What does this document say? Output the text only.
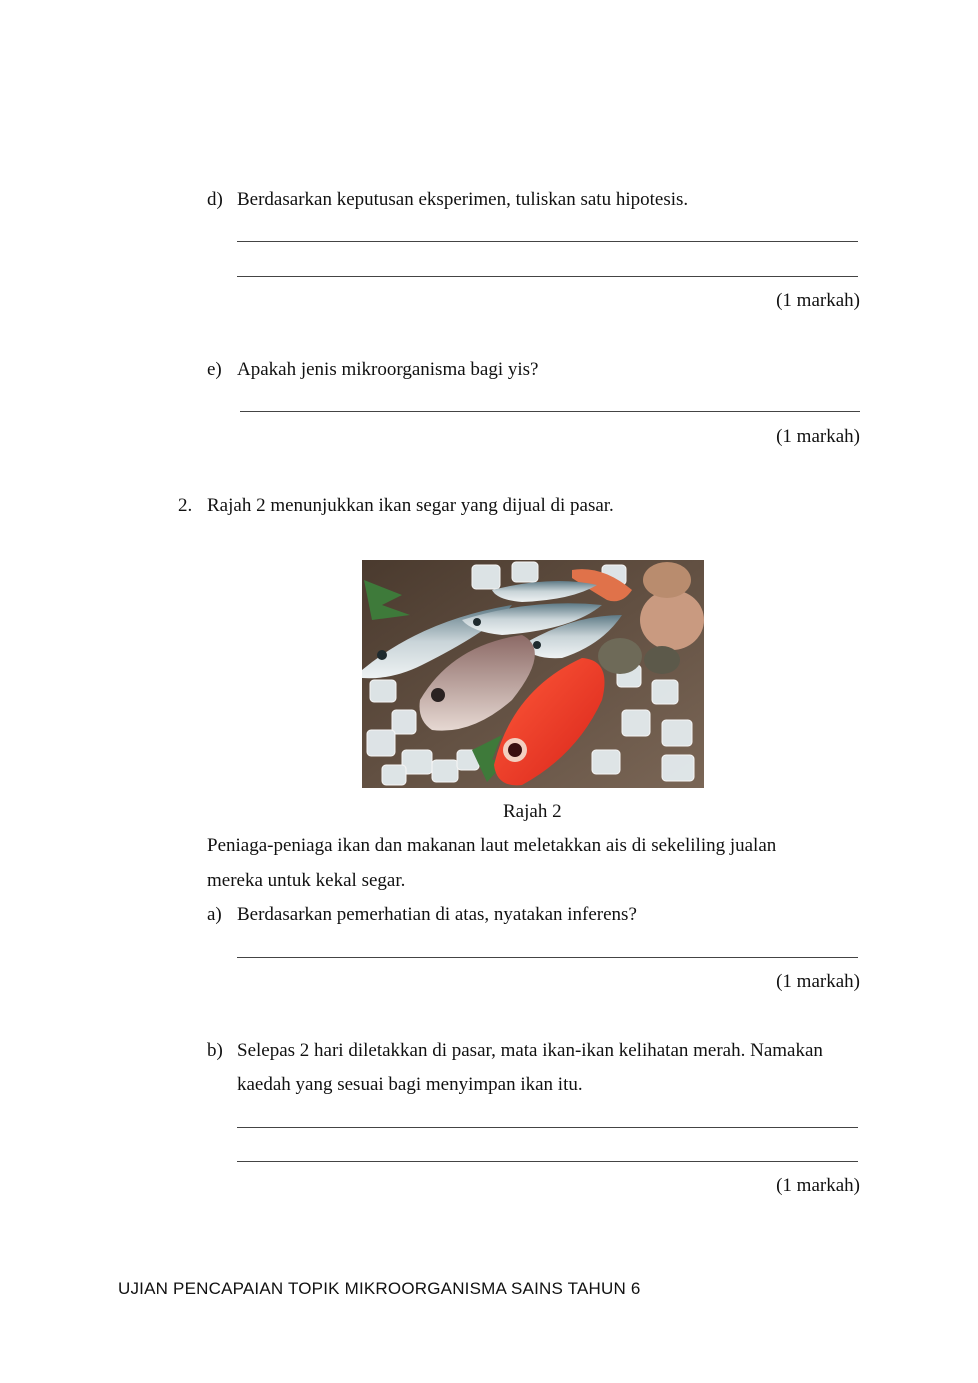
d) Berdasarkan keputusan eksperimen, tuliskan satu hipotesis.
(1 markah)
e) Apakah jenis mikroorganisma bagi yis?
(1 markah)
2. Rajah 2 menunjukkan ikan segar yang dijual di pasar.
Rajah 2
Peniaga-peniaga ikan dan makanan laut meletakkan ais di sekeliling jualan
mereka untuk kekal segar.
a) Berdasarkan pemerhatian di atas, nyatakan inferens?
(1 markah)
b) Selepas 2 hari diletakkan di pasar, mata ikan-ikan kelihatan merah. Namakan
kaedah yang sesuai bagi menyimpan ikan itu.
(1 markah)
UJIAN PENCAPAIAN TOPIK MIKROORGANISMA SAINS TAHUN 6
